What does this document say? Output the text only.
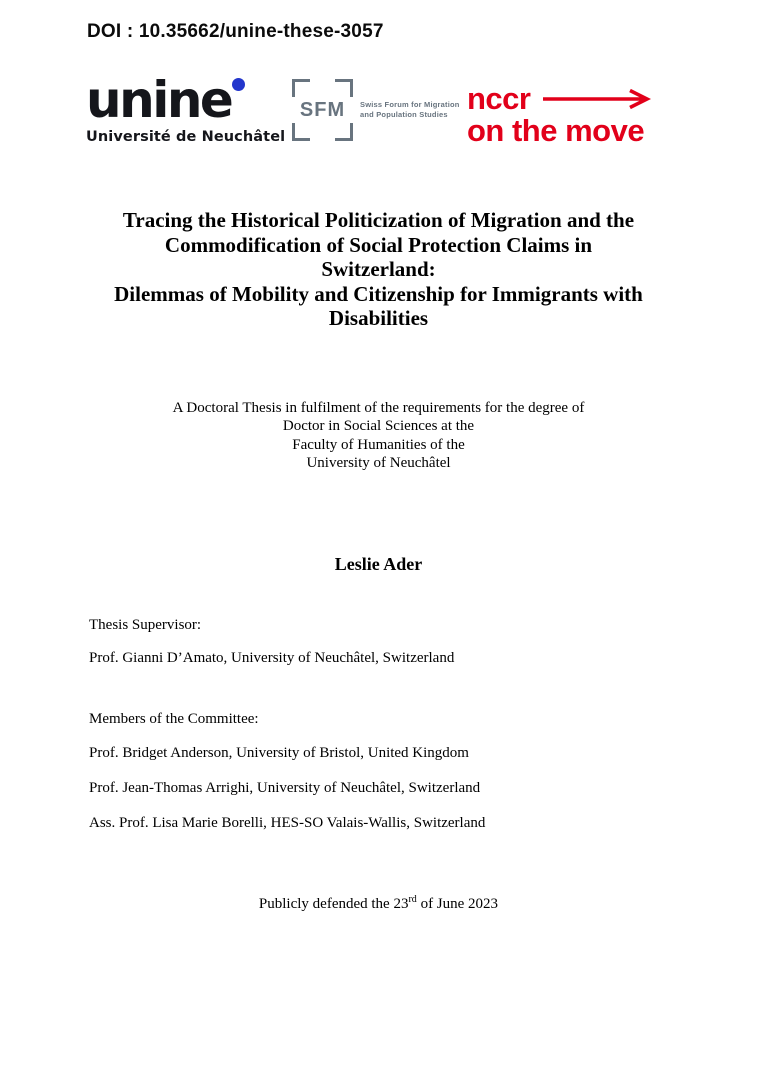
DOI : 10.35662/unine-these-3057
unine
Université de Neuchâtel
SFM Swiss Forum for Migration
and Population Studies nccr
on the move
Tracing the Historical Politicization of Migration and the
Commodification of Social Protection Claims in
Switzerland:
Dilemmas of Mobility and Citizenship for Immigrants with
Disabilities
A Doctoral Thesis in fulfilment of the requirements for the degree of
Doctor in Social Sciences at the
Faculty of Humanities of the
University of Neuchâtel
Leslie Ader
Thesis Supervisor:
Prof. Gianni D’Amato, University of Neuchâtel, Switzerland
Members of the Committee:
Prof. Bridget Anderson, University of Bristol, United Kingdom
Prof. Jean-Thomas Arrighi, University of Neuchâtel, Switzerland
Ass. Prof. Lisa Marie Borelli, HES-SO Valais-Wallis, Switzerland
Publicly defended the 23rd of June 2023
